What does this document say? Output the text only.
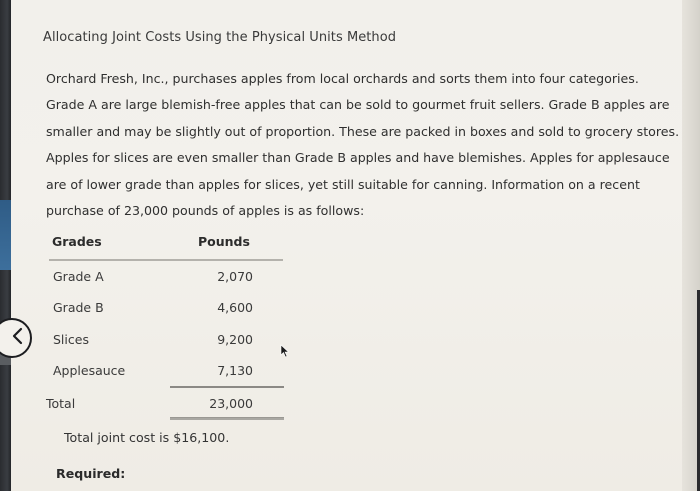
Allocating Joint Costs Using the Physical Units Method
Orchard Fresh, Inc., purchases apples from local orchards and sorts them into four categories.
Grade A are large blemish-free apples that can be sold to gourmet fruit sellers. Grade B apples are
smaller and may be slightly out of proportion. These are packed in boxes and sold to grocery stores.
Apples for slices are even smaller than Grade B apples and have blemishes. Apples for applesauce
are of lower grade than apples for slices, yet still suitable for canning. Information on a recent
purchase of 23,000 pounds of apples is as follows:
Grades	Pounds
Grade A	2,070
Grade B	4,600
Slices	9,200
Applesauce	7,130
Total	23,000
Total joint cost is $16,100.
Required:
